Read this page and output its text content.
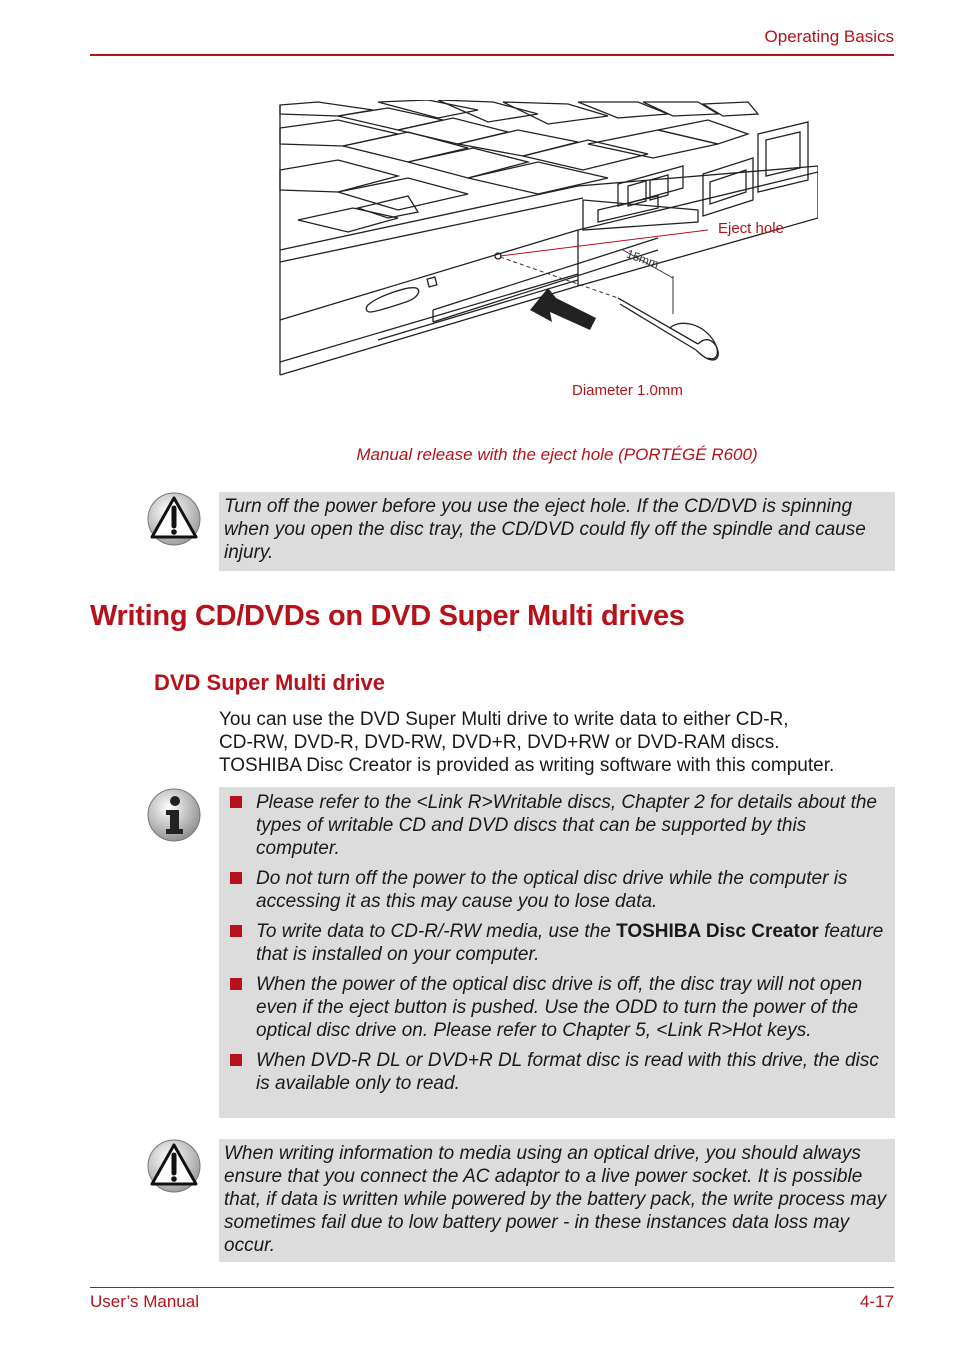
Operating Basics
Eject hole
Diameter 1.0mm
15mm
Manual release with the eject hole (PORTÉGÉ R600)
Turn off the power before you use the eject hole. If the CD/DVD is spinning when you open the disc tray, the CD/DVD could fly off the spindle and cause injury.
Writing CD/DVDs on DVD Super Multi drives
DVD Super Multi drive
You can use the DVD Super Multi drive to write data to either CD-R,
CD-RW, DVD-R, DVD-RW, DVD+R, DVD+RW or DVD-RAM discs.
TOSHIBA Disc Creator is provided as writing software with this computer.
Please refer to the <Link R>Writable discs, Chapter 2 for details about the types of writable CD and DVD discs that can be supported by this computer.
Do not turn off the power to the optical disc drive while the computer is accessing it as this may cause you to lose data.
To write data to CD-R/-RW media, use the TOSHIBA Disc Creator feature that is installed on your computer.
When the power of the optical disc drive is off, the disc tray will not open even if the eject button is pushed. Use the ODD to turn the power of the optical disc drive on. Please refer to Chapter 5, <Link R>Hot keys.
When DVD-R DL or DVD+R DL format disc is read with this drive, the disc is available only to read.
When writing information to media using an optical drive, you should always ensure that you connect the AC adaptor to a live power socket. It is possible that, if data is written while powered by the battery pack, the write process may sometimes fail due to low battery power - in these instances data loss may occur.
User’s Manual	4-17
